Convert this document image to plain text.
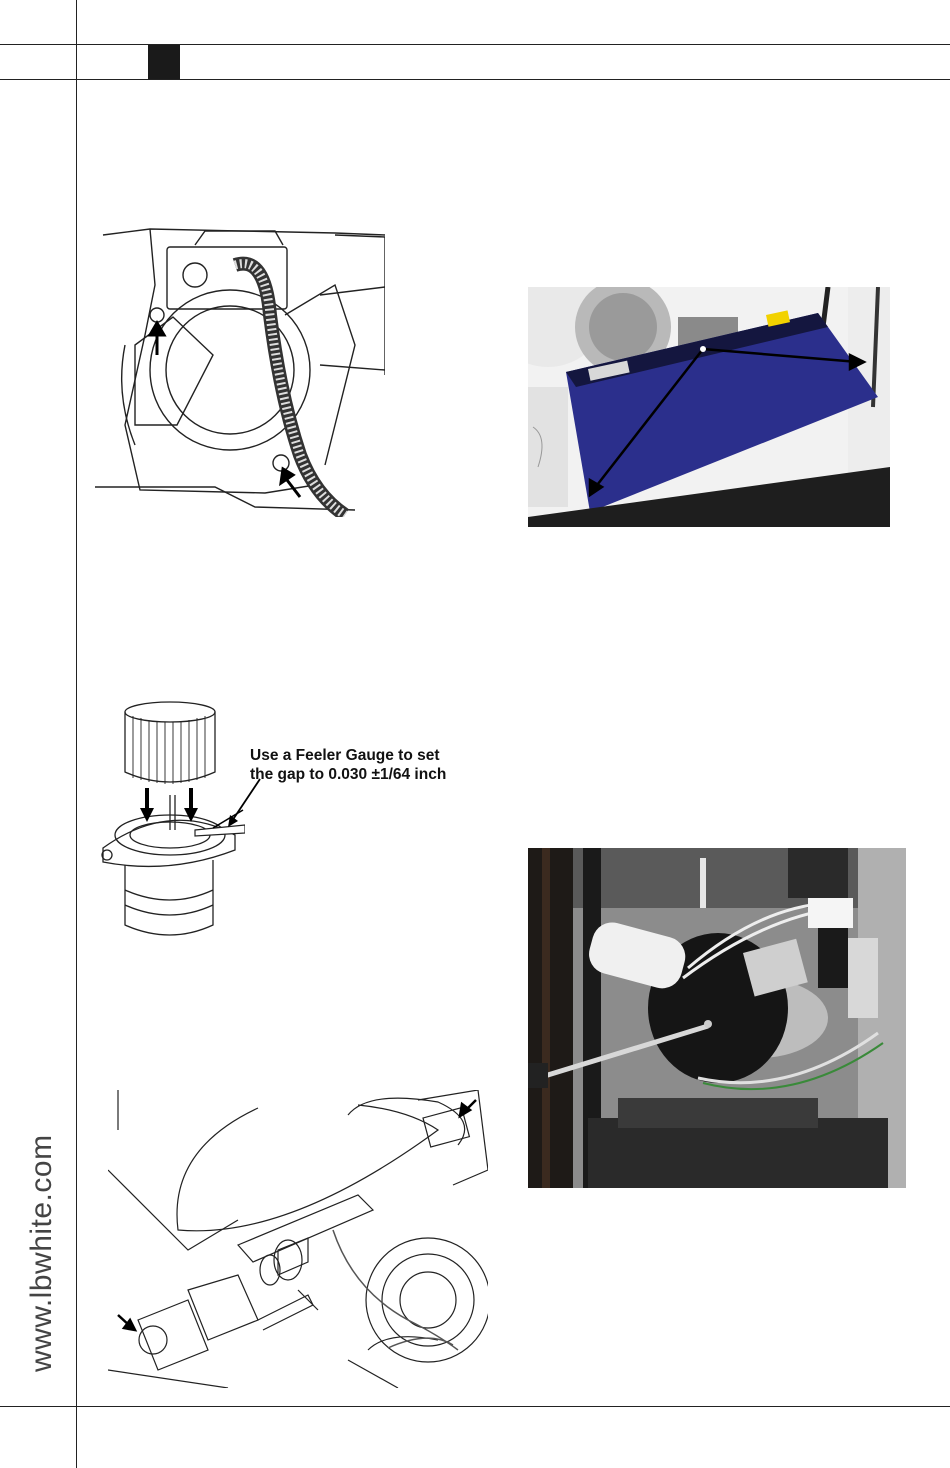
www.lbwhite.com
Use a Feeler Gauge to set
the gap to 0.030 ±1/64 inch
